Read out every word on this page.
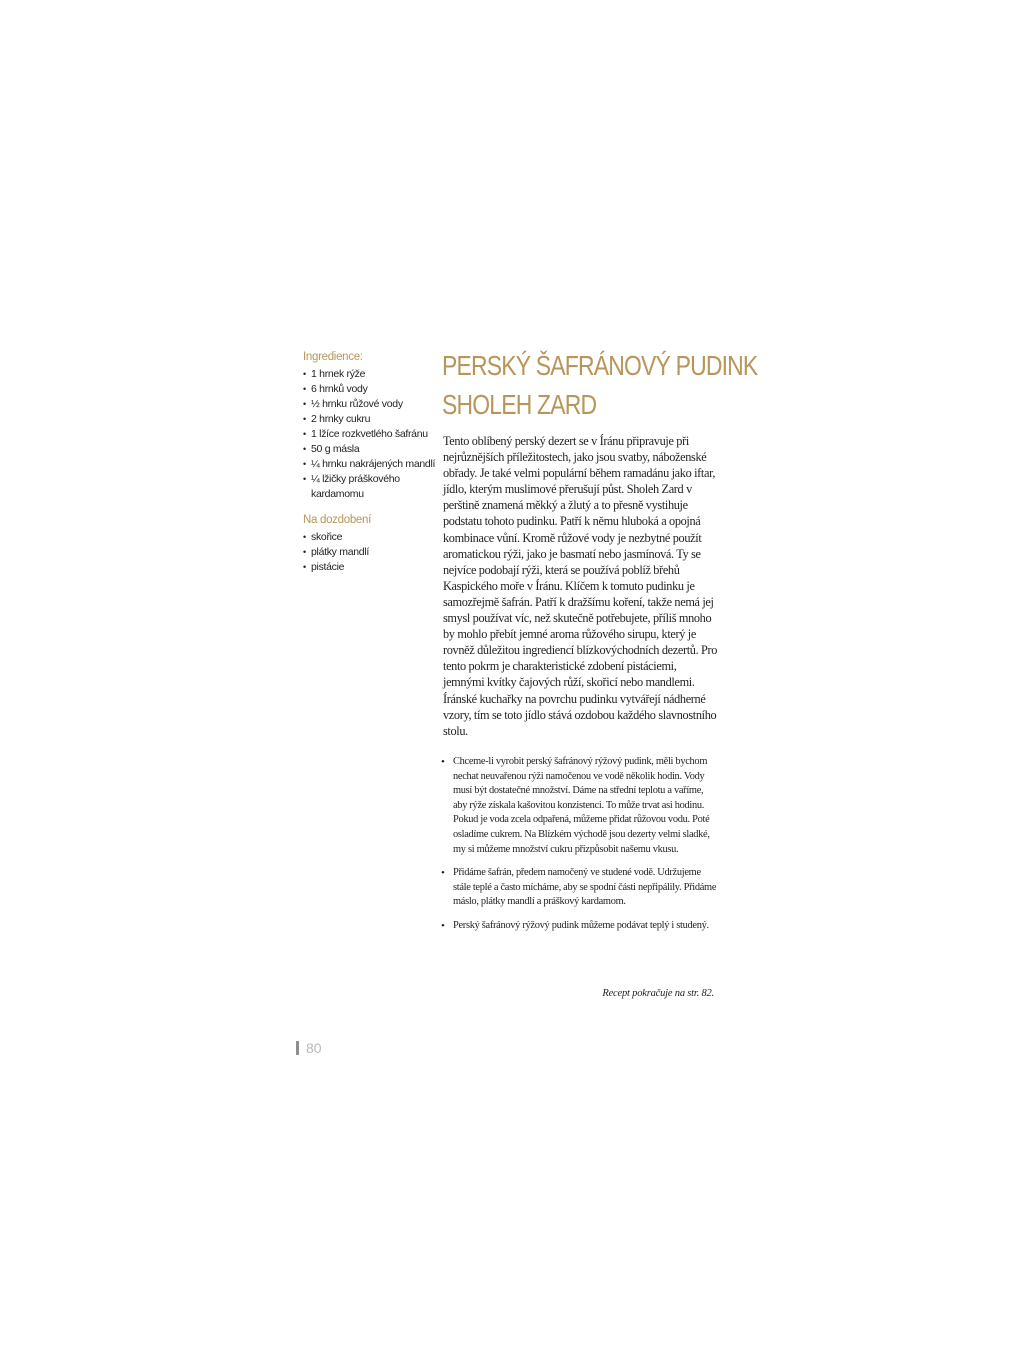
Ingredience:
• 1 hrnek rýže
• 6 hrnků vody
• ½ hrnku růžové vody
• 2 hrnky cukru
• 1 lžíce rozkvetlého šafránu
• 50 g másla
• ¼ hrnku nakrájených mandlí
• ¼ lžičky práškového kardamomu
Na dozdobení
• skořice
• plátky mandlí
• pistácie
PERSKÝ ŠAFRÁNOVÝ PUDINK
SHOLEH ZARD

Tento oblíbený perský dezert se v Íránu připravuje při nejrůznějších příležitostech, jako jsou svatby, náboženské obřady. Je také velmi populární během ramadánu jako iftar, jídlo, kterým muslimové přerušují půst. Sholeh Zard v perštině znamená měkký a žlutý a to přesně vystihuje podstatu tohoto pudinku. Patří k němu hluboká a opojná kombinace vůní. Kromě růžové vody je nezbytné použít aromatickou rýži, jako je basmatí nebo jasmínová. Ty se nejvíce podobají rýži, která se používá poblíž břehů Kaspického moře v Íránu. Klíčem k tomuto pudinku je samozřejmě šafrán. Patří k dražšímu koření, takže nemá jej smysl používat víc, než skutečně potřebujete, příliš mnoho by mohlo přebít jemné aroma růžového sirupu, který je rovněž důležitou ingrediencí blízkovýchodních dezertů. Pro tento pokrm je charakteristické zdobení pistáciemi, jemnými kvítky čajových růží, skořicí nebo mandlemi. Íránské kuchařky na povrchu pudinku vytvářejí nádherné vzory, tím se toto jídlo stává ozdobou každého slavnostního stolu.

• Chceme-li vyrobit perský šafránový rýžový pudink, měli bychom nechat neuvařenou rýži namočenou ve vodě několik hodin. Vody musí být dostatečné množství. Dáme na střední teplotu a vaříme, aby rýže získala kašovitou konzistenci. To může trvat asi hodinu. Pokud je voda zcela odpařená, můžeme přidat růžovou vodu. Poté osladíme cukrem. Na Blízkém východě jsou dezerty velmi sladké, my si můžeme množství cukru přizpůsobit našemu vkusu.
• Přidáme šafrán, předem namočený ve studené vodě. Udržujeme stále teplé a často mícháme, aby se spodní části nepřipálily. Přidáme máslo, plátky mandlí a práškový kardamom.
• Perský šafránový rýžový pudink můžeme podávat teplý i studený.
Recept pokračuje na str. 82.
80
